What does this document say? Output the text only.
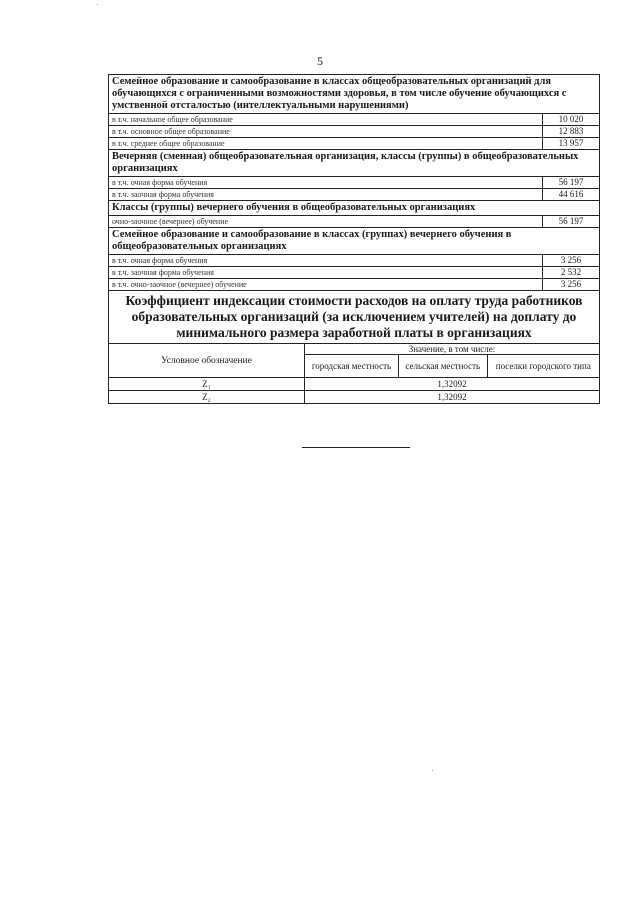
5
Семейное образование и самообразование в классах общеобразовательных организаций для обучающихся с ограниченными возможностями здоровья, в том числе обучение обучающихся с умственной отсталостью (интеллектуальными нарушениями)
в т.ч. начальное общее образование	10 020
в т.ч. основное общее образование	12 883
в т.ч. среднее общее образование	13 957
Вечерняя (сменная) общеобразовательная организация, классы (группы) в общеобразовательных организациях
в т.ч. очная форма обучения	56 197
в т.ч. заочная форма обучения	44 616
Классы (группы) вечернего обучения в общеобразовательных организациях
очно-заочное (вечернее) обучение	56 197
Семейное образование и самообразование в классах (группах) вечернего обучения в общеобразовательных организациях
в т.ч. очная форма обучения	3 256
в т.ч. заочная форма обучения	2 532
в т.ч. очно-заочное (вечернее) обучение	3 256
Коэффициент индексации стоимости расходов на оплату труда работников образовательных организаций (за исключением учителей) на доплату до минимального размера заработной платы в организациях
Условное обозначение	Значение, в том числе:		
	городская местность	сельская местность	поселки городского типа
Z₁	1,32092		
Z₂	1,32092		
